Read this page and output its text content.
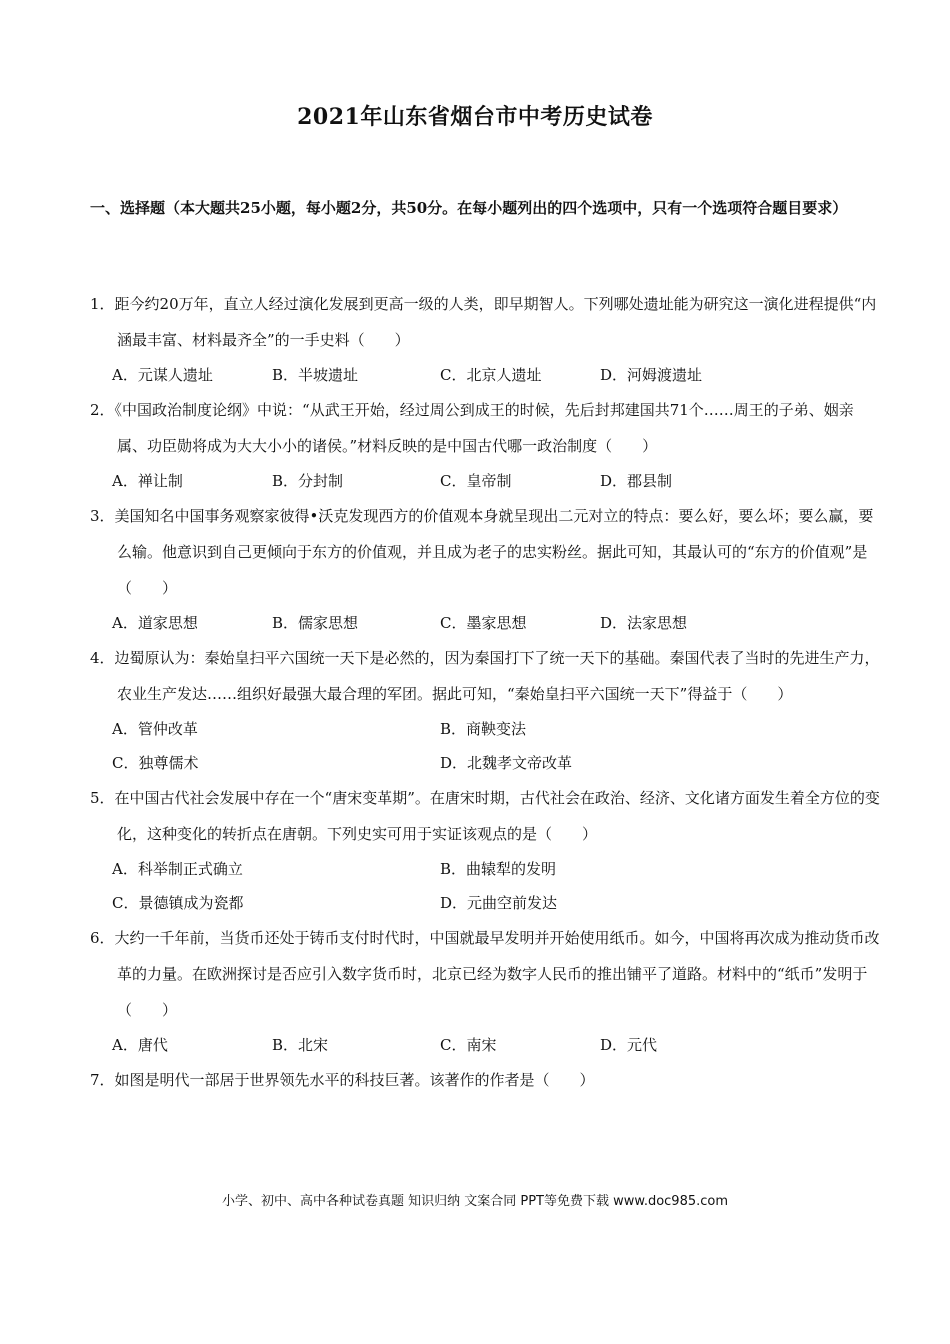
2021年山东省烟台市中考历史试卷
一、选择题（本大题共25小题，每小题2分，共50分。在每小题列出的四个选项中，只有一个选项符合题目要求）
1．距今约20万年，直立人经过演化发展到更高一级的人类，即早期智人。下列哪处遗址能为研究这一演化进程提供“内涵最丰富、材料最齐全”的一手史料（　　）
A．元谋人遗址	B．半坡遗址	C．北京人遗址	D．河姆渡遗址
2．《中国政治制度论纲》中说：“从武王开始，经过周公到成王的时候，先后封邦建国共71个……周王的子弟、姻亲属、功臣勋将成为大大小小的诸侯。”材料反映的是中国古代哪一政治制度（　　）
A．禅让制	B．分封制	C．皇帝制	D．郡县制
3．美国知名中国事务观察家彼得•沃克发现西方的价值观本身就呈现出二元对立的特点：要么好，要么坏；要么赢，要么输。他意识到自己更倾向于东方的价值观，并且成为老子的忠实粉丝。据此可知，其最认可的“东方的价值观”是（　　）
A．道家思想	B．儒家思想	C．墨家思想	D．法家思想
4．边蜀原认为：秦始皇扫平六国统一天下是必然的，因为秦国打下了统一天下的基础。秦国代表了当时的先进生产力，农业生产发达……组织好最强大最合理的军团。据此可知，“秦始皇扫平六国统一天下”得益于（　　）
A．管仲改革	B．商鞅变法
C．独尊儒术	D．北魏孝文帝改革
5．在中国古代社会发展中存在一个“唐宋变革期”。在唐宋时期，古代社会在政治、经济、文化诸方面发生着全方位的变化，这种变化的转折点在唐朝。下列史实可用于实证该观点的是（　　）
A．科举制正式确立	B．曲辕犁的发明
C．景德镇成为瓷都	D．元曲空前发达
6．大约一千年前，当货币还处于铸币支付时代时，中国就最早发明并开始使用纸币。如今，中国将再次成为推动货币改革的力量。在欧洲探讨是否应引入数字货币时，北京已经为数字人民币的推出铺平了道路。材料中的“纸币”发明于（　　）
A．唐代	B．北宋	C．南宋	D．元代
7．如图是明代一部居于世界领先水平的科技巨著。该著作的作者是（　　）
小学、初中、高中各种试卷真题 知识归纳 文案合同 PPT等免费下载 www.doc985.com
